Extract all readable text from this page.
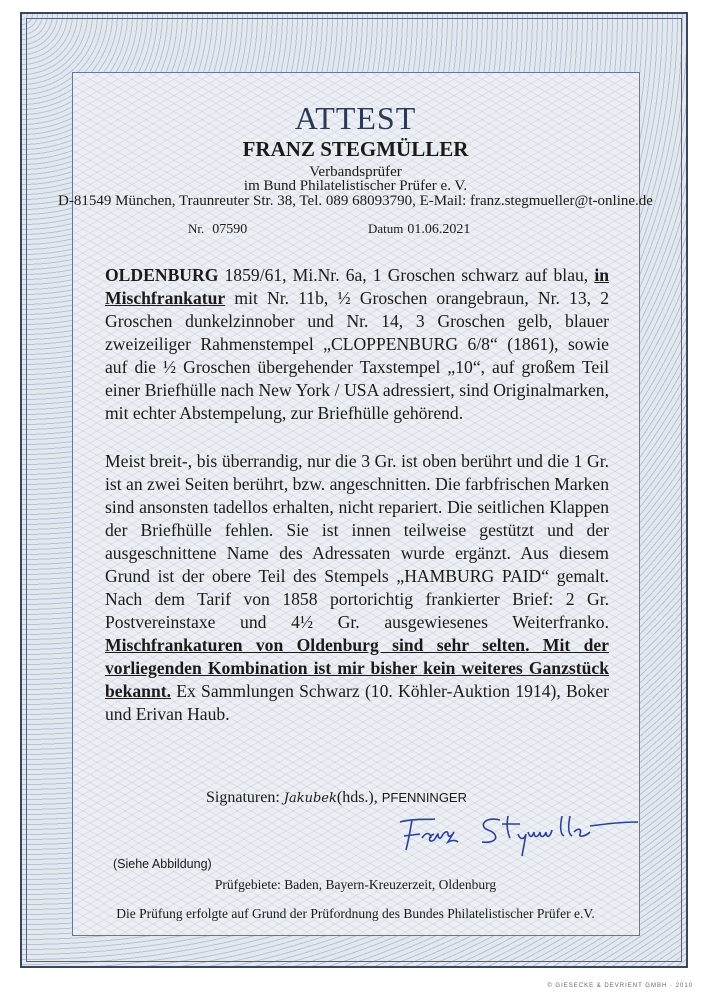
ATTEST
FRANZ STEGMÜLLER
Verbandsprüfer
im Bund Philatelistischer Prüfer e. V.
D-81549 München, Traunreuter Str. 38, Tel. 089 68093790, E-Mail: franz.stegmueller@t-online.de
Nr. 07590	Datum 01.06.2021
OLDENBURG 1859/61, Mi.Nr. 6a, 1 Groschen schwarz auf blau, in Mischfrankatur mit Nr. 11b, ½ Groschen orangebraun, Nr. 13, 2 Groschen dunkelzinnober und Nr. 14, 3 Groschen gelb, blauer zweizeiliger Rahmenstempel „CLOPPENBURG 6/8“ (1861), sowie auf die ½ Groschen übergehender Taxstempel „10“, auf großem Teil einer Briefhülle nach New York / USA adressiert, sind Originalmarken, mit echter Abstempelung, zur Briefhülle gehörend.
Meist breit-, bis überrandig, nur die 3 Gr. ist oben berührt und die 1 Gr. ist an zwei Seiten berührt, bzw. angeschnitten. Die farbfrischen Marken sind ansonsten tadellos erhalten, nicht repariert. Die seitlichen Klappen der Briefhülle fehlen. Sie ist innen teilweise gestützt und der ausgeschnittene Name des Adressaten wurde ergänzt. Aus diesem Grund ist der obere Teil des Stempels „HAMBURG PAID“ gemalt. Nach dem Tarif von 1858 portorichtig frankierter Brief: 2 Gr. Postvereinstaxe und 4½ Gr. ausgewiesenes Weiterfranko. Mischfrankaturen von Oldenburg sind sehr selten. Mit der vorliegenden Kombination ist mir bisher kein weiteres Ganzstück bekannt. Ex Sammlungen Schwarz (10. Köhler-Auktion 1914), Boker und Erivan Haub.
Signaturen: Jakubek(hds.), PFENNINGER
(Siehe Abbildung)
Prüfgebiete: Baden, Bayern-Kreuzerzeit, Oldenburg
Die Prüfung erfolgte auf Grund der Prüfordnung des Bundes Philatelistischer Prüfer e.V.
© GIESECKE & DEVRIENT GMBH · 2010
